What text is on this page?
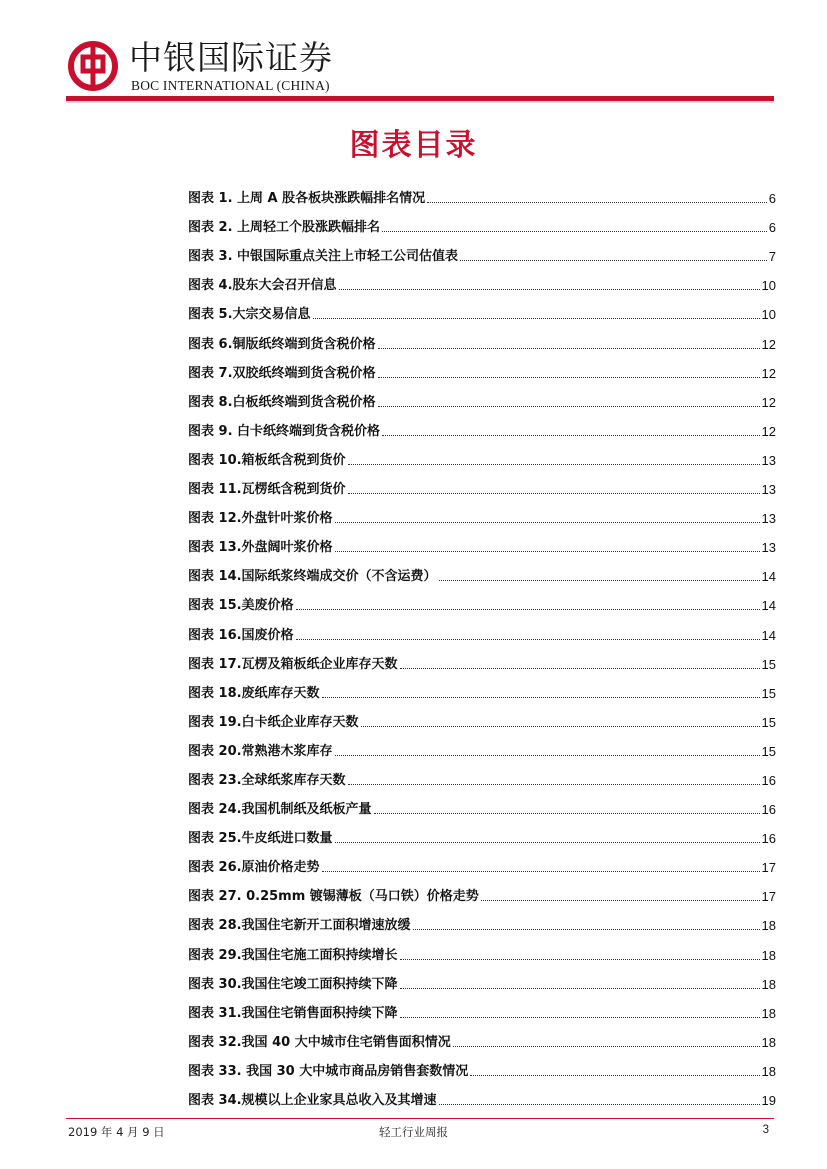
中银国际证券
BOC INTERNATIONAL (CHINA)
图表目录
图表 1. 上周 A 股各板块涨跌幅排名情况	6
图表 2. 上周轻工个股涨跌幅排名	6
图表 3. 中银国际重点关注上市轻工公司估值表	7
图表 4.股东大会召开信息	10
图表 5.大宗交易信息	10
图表 6.铜版纸终端到货含税价格	12
图表 7.双胶纸终端到货含税价格	12
图表 8.白板纸终端到货含税价格	12
图表 9. 白卡纸终端到货含税价格	12
图表 10.箱板纸含税到货价	13
图表 11.瓦楞纸含税到货价	13
图表 12.外盘针叶浆价格	13
图表 13.外盘阔叶浆价格	13
图表 14.国际纸浆终端成交价（不含运费）	14
图表 15.美废价格	14
图表 16.国废价格	14
图表 17.瓦楞及箱板纸企业库存天数	15
图表 18.废纸库存天数	15
图表 19.白卡纸企业库存天数	15
图表 20.常熟港木浆库存	15
图表 23.全球纸浆库存天数	16
图表 24.我国机制纸及纸板产量	16
图表 25.牛皮纸进口数量	16
图表 26.原油价格走势	17
图表 27. 0.25mm 镀锡薄板（马口铁）价格走势	17
图表 28.我国住宅新开工面积增速放缓	18
图表 29.我国住宅施工面积持续增长	18
图表 30.我国住宅竣工面积持续下降	18
图表 31.我国住宅销售面积持续下降	18
图表 32.我国 40 大中城市住宅销售面积情况	18
图表 33. 我国 30 大中城市商品房销售套数情况	18
图表 34.规模以上企业家具总收入及其增速	19
2019 年 4 月 9 日	轻工行业周报	3
